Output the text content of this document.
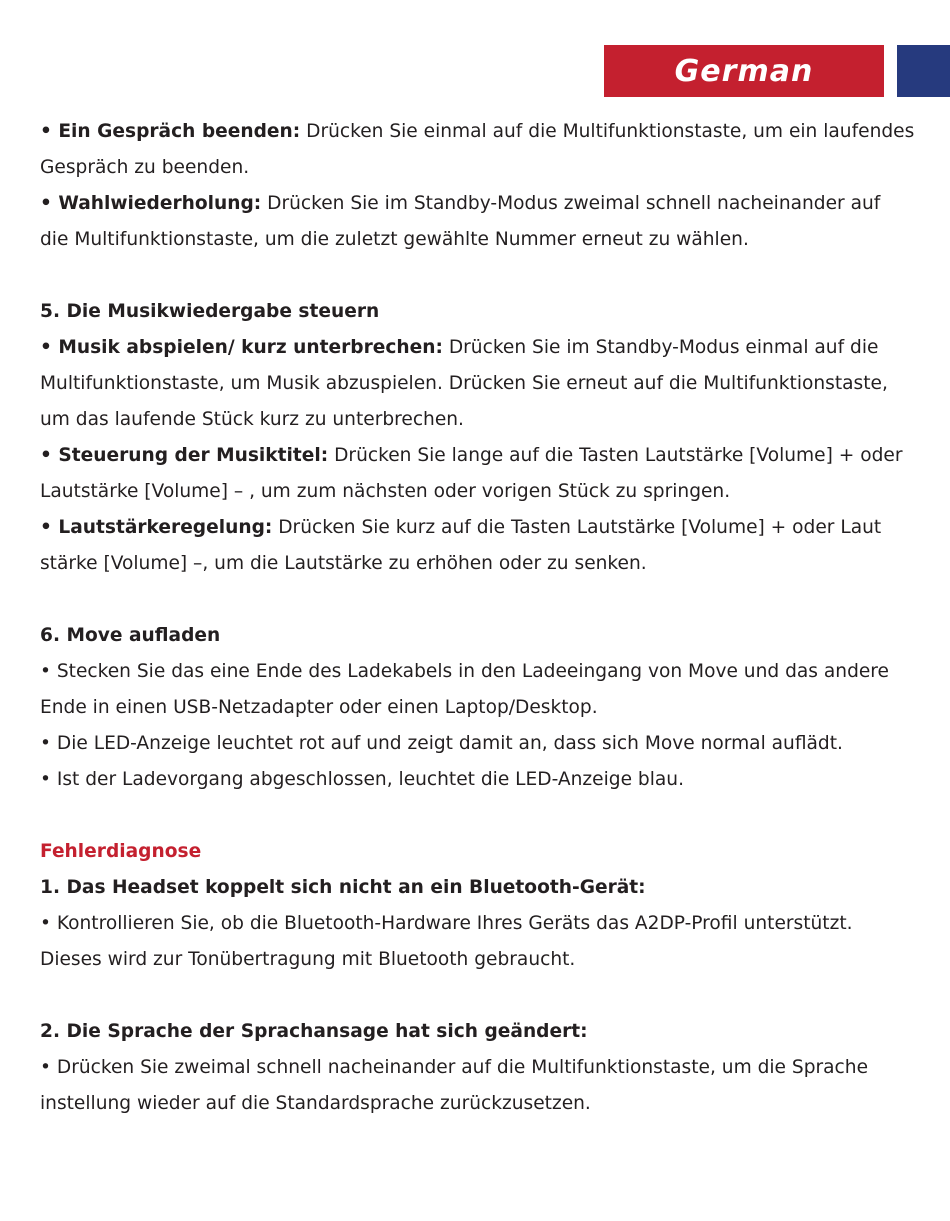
German

• Ein Gespräch beenden: Drücken Sie einmal auf die Multifunktionstaste, um ein laufendes

Gespräch zu beenden.

• Wahlwiederholung: Drücken Sie im Standby-Modus zweimal schnell nacheinander auf

die Multifunktionstaste, um die zuletzt gewählte Nummer erneut zu wählen.

5. Die Musikwiedergabe steuern

• Musik abspielen/ kurz unterbrechen: Drücken Sie im Standby-Modus einmal auf die

Multifunktionstaste, um Musik abzuspielen. Drücken Sie erneut auf die Multifunktionstaste,

um das laufende Stück kurz zu unterbrechen.

• Steuerung der Musiktitel: Drücken Sie lange auf die Tasten Lautstärke [Volume] + oder

Lautstärke [Volume] – , um zum nächsten oder vorigen Stück zu springen.

• Lautstärkeregelung: Drücken Sie kurz auf die Tasten Lautstärke [Volume] + oder Laut

stärke [Volume] –, um die Lautstärke zu erhöhen oder zu senken.

6. Move aufladen

• Stecken Sie das eine Ende des Ladekabels in den Ladeeingang von Move und das andere

Ende in einen USB-Netzadapter oder einen Laptop/Desktop.

• Die LED-Anzeige leuchtet rot auf und zeigt damit an, dass sich Move normal auflädt.

• Ist der Ladevorgang abgeschlossen, leuchtet die LED-Anzeige blau.

Fehlerdiagnose

1. Das Headset koppelt sich nicht an ein Bluetooth-Gerät:

• Kontrollieren Sie, ob die Bluetooth-Hardware Ihres Geräts das A2DP-Profil unterstützt.

Dieses wird zur Tonübertragung mit Bluetooth gebraucht.

2. Die Sprache der Sprachansage hat sich geändert:

• Drücken Sie zweimal schnell nacheinander auf die Multifunktionstaste, um die Sprache

instellung wieder auf die Standardsprache zurückzusetzen.
